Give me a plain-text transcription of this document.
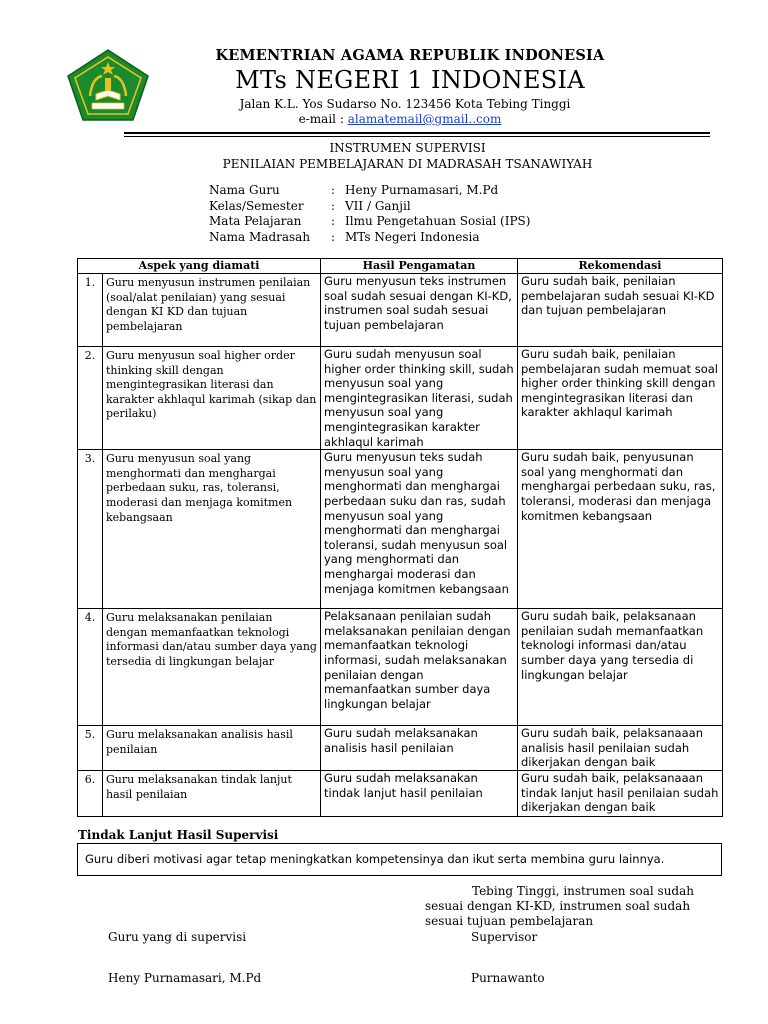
KEMENTRIAN AGAMA REPUBLIK INDONESIA
MTs NEGERI 1 INDONESIA
Jalan K.L. Yos Sudarso No. 123456 Kota Tebing Tinggi
e-mail : alamatemail@gmail..com
INSTRUMEN SUPERVISI
PENILAIAN PEMBELAJARAN DI MADRASAH TSANAWIYAH
Nama Guru	:	Heny Purnamasari, M.Pd
Kelas/Semester	:	VII / Ganjil
Mata Pelajaran	:	Ilmu Pengetahuan Sosial (IPS)
Nama Madrasah	:	MTs Negeri Indonesia
Aspek yang diamati		Hasil Pengamatan	Rekomendasi
1.	Guru menyusun instrumen penilaian (soal/alat penilaian) yang sesuai dengan KI KD dan tujuan pembelajaran	Guru menyusun teks instrumen soal sudah sesuai dengan KI-KD, instrumen soal sudah sesuai tujuan pembelajaran	Guru sudah baik, penilaian pembelajaran sudah sesuai KI-KD dan tujuan pembelajaran
2.	Guru menyusun soal higher order thinking skill dengan mengintegrasikan literasi dan karakter akhlaqul karimah (sikap dan perilaku)	Guru sudah menyusun soal higher order thinking skill, sudah menyusun soal yang mengintegrasikan literasi, sudah menyusun soal yang mengintegrasikan karakter akhlaqul karimah	Guru sudah baik, penilaian pembelajaran sudah memuat soal higher order thinking skill dengan mengintegrasikan literasi dan karakter akhlaqul karimah
3.	Guru menyusun soal yang menghormati dan menghargai perbedaan suku, ras, toleransi, moderasi dan menjaga komitmen kebangsaan	Guru menyusun teks sudah menyusun soal yang menghormati dan menghargai perbedaan suku dan ras, sudah menyusun soal yang menghormati dan menghargai toleransi, sudah menyusun soal yang menghormati dan menghargai moderasi dan menjaga komitmen kebangsaan	Guru sudah baik, penyusunan soal yang menghormati dan menghargai perbedaan suku, ras, toleransi, moderasi dan menjaga komitmen kebangsaan
4.	Guru melaksanakan penilaian dengan memanfaatkan teknologi informasi dan/atau sumber daya yang tersedia di lingkungan belajar	Pelaksanaan penilaian sudah melaksanakan penilaian dengan memanfaatkan teknologi informasi, sudah melaksanakan penilaian dengan memanfaatkan sumber daya lingkungan belajar	Guru sudah baik, pelaksanaan penilaian sudah memanfaatkan teknologi informasi dan/atau sumber daya yang tersedia di lingkungan belajar
5.	Guru melaksanakan analisis hasil penilaian	Guru sudah melaksanakan analisis hasil penilaian	Guru sudah baik, pelaksanaaan analisis hasil penilaian sudah dikerjakan dengan baik
6.	Guru melaksanakan tindak lanjut hasil penilaian	Guru sudah melaksanakan tindak lanjut hasil penilaian	Guru sudah baik, pelaksanaaan tindak lanjut hasil penilaian sudah dikerjakan dengan baik
Tindak Lanjut Hasil Supervisi
Guru diberi motivasi agar tetap meningkatkan kompetensinya dan ikut serta membina guru lainnya.
Tebing Tinggi, instrumen soal sudah
sesuai dengan KI-KD, instrumen soal sudah
sesuai tujuan pembelajaran
Guru yang di supervisi	Supervisor
Heny Purnamasari, M.Pd	Purnawanto
